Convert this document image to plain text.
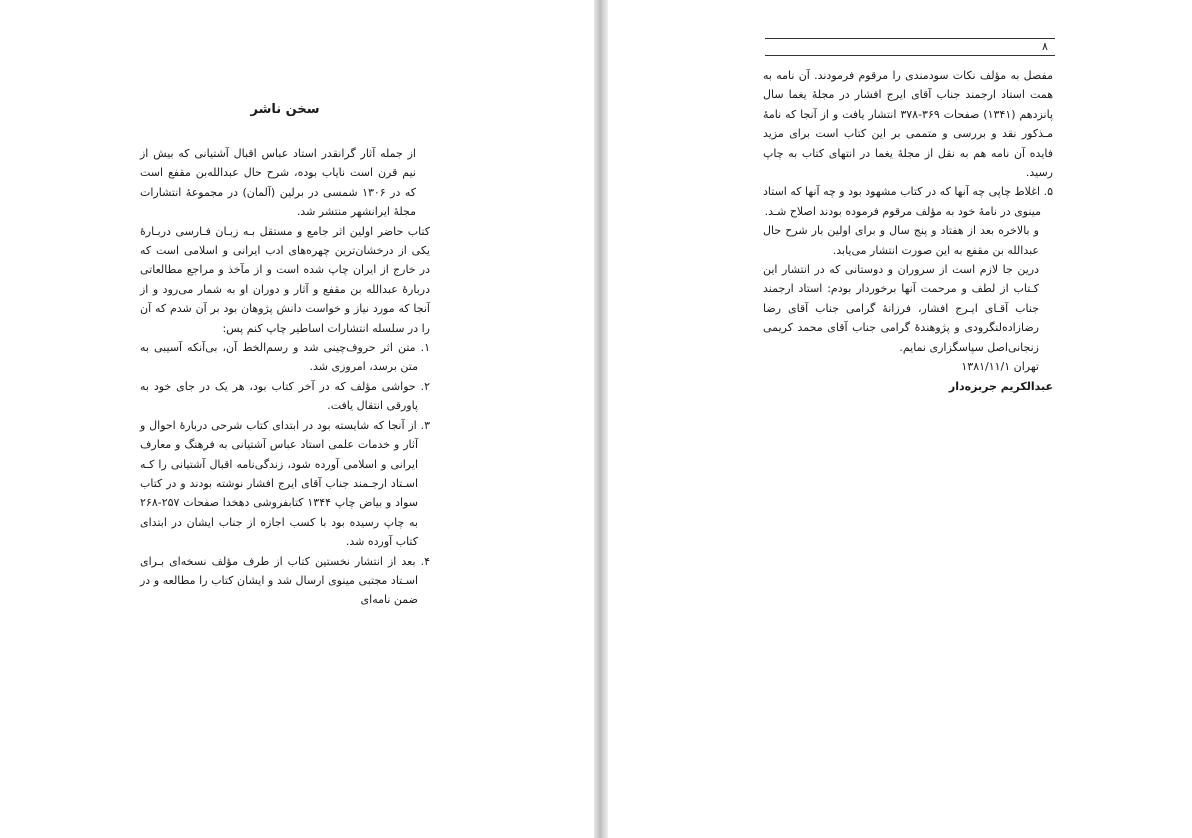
سخن ناشر

از جمله آثار گرانقدر استاد عباس اقبال آشتیانی که بیش از نیم قرن است نایاب بوده، شرح حال عبدالله‌بن مقفع است که در ۱۳۰۶ شمسی در برلین (آلمان) در مجموعهٔ انتشارات مجلهٔ ایرانشهر منتشر شد.

کتاب حاضر اولین اثر جامع و مستقل بـه زبـان فـارسی دربـارهٔ یکی از درخشان‌ترین چهره‌های ادب ایرانی و اسلامی است که در خارج از ایران چاپ شده است و از مآخذ و مراجع مطالعاتی دربارهٔ عبدالله بن مقفع و آثار و دوران او به شمار می‌رود و از آنجا که مورد نیاز و خواست دانش پژوهان بود بر آن شدم که آن را در سلسله انتشارات اساطیر چاپ کنم پس:

۱. متن اثر حروف‌چینی شد و رسم‌الخط آن، بی‌آنکه آسیبی به متن برسد، امروزی شد.

۲. حواشی مؤلف که در آخر کتاب بود، هر یک در جای خود به پاورقی انتقال یافت.

۳. از آنجا که شایسته بود در ابتدای کتاب شرحی دربارهٔ احوال و آثار و خدمات علمی استاد عباس آشتیانی به فرهنگ و معارف ایرانی و اسلامی آورده شود، زندگی‌نامه اقبال آشتیانی را کـه اسـتاد ارجـمند جناب آقای ایرج افشار نوشته بودند و در کتاب سواد و بیاض چاپ ۱۳۴۴ کتابفروشی دهخدا صفحات ۲۵۷-۲۶۸ به چاپ رسیده بود با کسب اجازه از جناب ایشان در ابتدای کتاب آورده شد.

۴. بعد از انتشار نخستین کتاب از طرف مؤلف نسخه‌ای بـرای اسـتاد مجتبی مینوی ارسال شد و ایشان کتاب را مطالعه و در ضمن نامه‌ای

۸

مفصل به مؤلف نکات سودمندی را مرقوم فرمودند. آن نامه به همت استاد ارجمند جناب آقای ایرج افشار در مجلهٔ یغما سال پانزدهم (۱۳۴۱) صفحات ۳۶۹-۳۷۸ انتشار یافت و از آنجا که نامهٔ مـذکور نقد و بررسی و متممی بر این کتاب است برای مزید فایده آن نامه هم به نقل از مجلهٔ یغما در انتهای کتاب به چاپ رسید.

۵. اغلاط چاپی چه آنها که در کتاب مشهود بود و چه آنها که استاد مینوی در نامهٔ خود به مؤلف مرقوم فرموده بودند اصلاح شـد.

و بالاخره بعد از هفتاد و پنج سال و برای اولین بار شرح حال عبدالله بن مقفع به این صورت انتشار می‌یابد.

درین جا لازم است از سروران و دوستانی که در انتشار این کـتاب از لطف و مرحمت آنها برخوردار بودم: استاد ارجمند جناب آقـای ایـرج افشار، فرزانهٔ گرامی جناب آقای رضا رضازاده‌لنگرودی و پژوهندهٔ گرامی جناب آقای محمد کریمی زنجانی‌اصل سپاسگزاری نمایم.

تهران ۱۳۸۱/۱۱/۱

عبدالکریم جربزه‌دار
